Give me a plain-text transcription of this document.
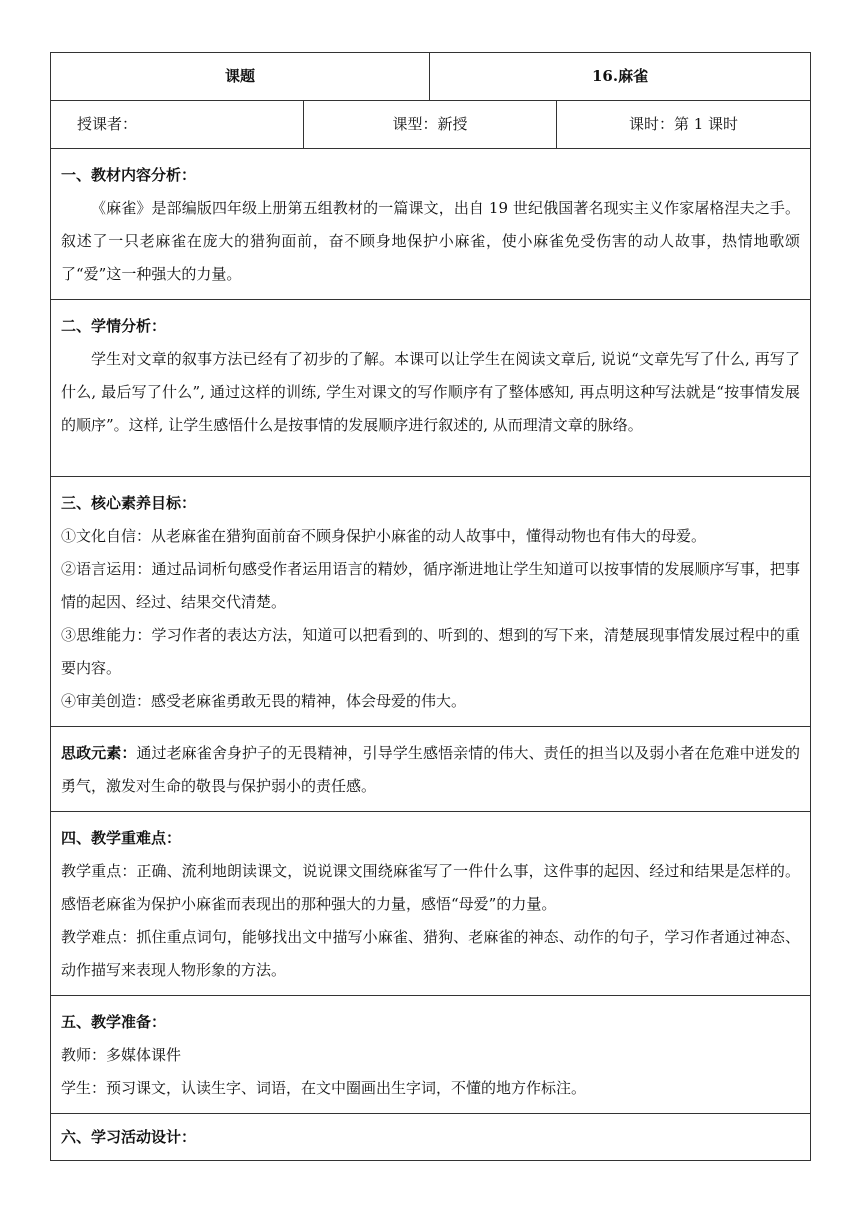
课题		16.麻雀	
授课者：	课型：新授		课时：第 1 课时

一、教材内容分析：
《麻雀》是部编版四年级上册第五组教材的一篇课文，出自 19 世纪俄国著名现实主义作家屠格涅夫之手。叙述了一只老麻雀在庞大的猎狗面前，奋不顾身地保护小麻雀，使小麻雀免受伤害的动人故事，热情地歌颂了“爱”这一种强大的力量。			

二、学情分析：
学生对文章的叙事方法已经有了初步的了解。本课可以让学生在阅读文章后, 说说“文章先写了什么, 再写了什么, 最后写了什么”, 通过这样的训练, 学生对课文的写作顺序有了整体感知, 再点明这种写法就是“按事情发展的顺序”。这样, 让学生感悟什么是按事情的发展顺序进行叙述的, 从而理清文章的脉络。			

三、核心素养目标：
①文化自信：从老麻雀在猎狗面前奋不顾身保护小麻雀的动人故事中，懂得动物也有伟大的母爱。
②语言运用：通过品词析句感受作者运用语言的精妙，循序渐进地让学生知道可以按事情的发展顺序写事，把事情的起因、经过、结果交代清楚。
③思维能力：学习作者的表达方法，知道可以把看到的、听到的、想到的写下来，清楚展现事情发展过程中的重要内容。
④审美创造：感受老麻雀勇敢无畏的精神，体会母爱的伟大。			

思政元素：通过老麻雀舍身护子的无畏精神，引导学生感悟亲情的伟大、责任的担当以及弱小者在危难中迸发的勇气，激发对生命的敬畏与保护弱小的责任感。			

四、教学重难点：
教学重点：正确、流利地朗读课文，说说课文围绕麻雀写了一件什么事，这件事的起因、经过和结果是怎样的。感悟老麻雀为保护小麻雀而表现出的那种强大的力量，感悟“母爱”的力量。
教学难点：抓住重点词句，能够找出文中描写小麻雀、猎狗、老麻雀的神态、动作的句子，学习作者通过神态、动作描写来表现人物形象的方法。			

五、教学准备：
教师：多媒体课件
学生：预习课文，认读生字、词语，在文中圈画出生字词，不懂的地方作标注。			

六、学习活动设计：			
